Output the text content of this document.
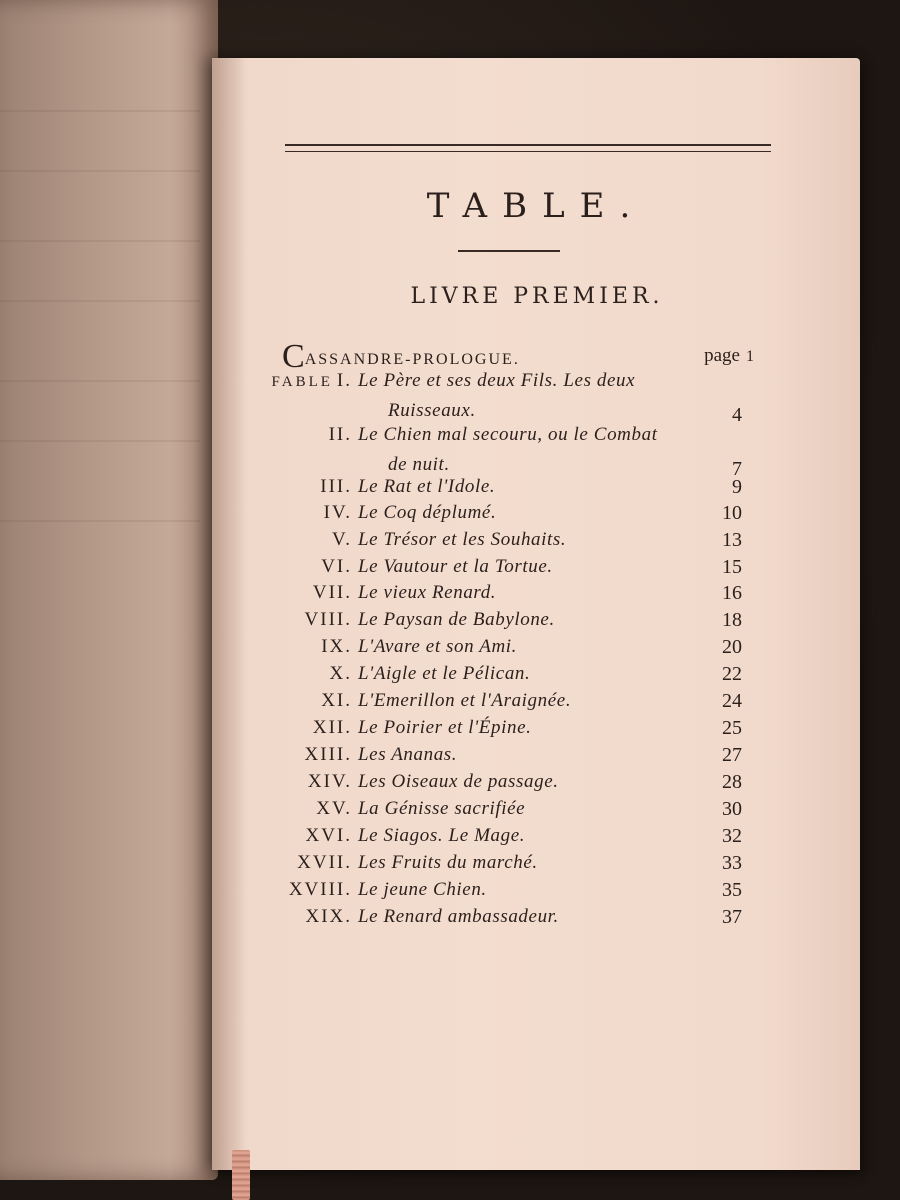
TABLE.
LIVRE PREMIER.
CASSANDRE-PROLOGUE.	page 1
FABLE I. Le Père et ses deux Fils. Les deux
Ruisseaux.	4
II. Le Chien mal secouru, ou le Combat
de nuit.	7
III. Le Rat et l'Idole.	9
IV. Le Coq déplumé.	10
V. Le Trésor et les Souhaits.	13
VI. Le Vautour et la Tortue.	15
VII. Le vieux Renard.	16
VIII. Le Paysan de Babylone.	18
IX. L'Avare et son Ami.	20
X. L'Aigle et le Pélican.	22
XI. L'Emerillon et l'Araignée.	24
XII. Le Poirier et l'Épine.	25
XIII. Les Ananas.	27
XIV. Les Oiseaux de passage.	28
XV. La Génisse sacrifiée	30
XVI. Le Siagos. Le Mage.	32
XVII. Les Fruits du marché.	33
XVIII. Le jeune Chien.	35
XIX. Le Renard ambassadeur.	37
